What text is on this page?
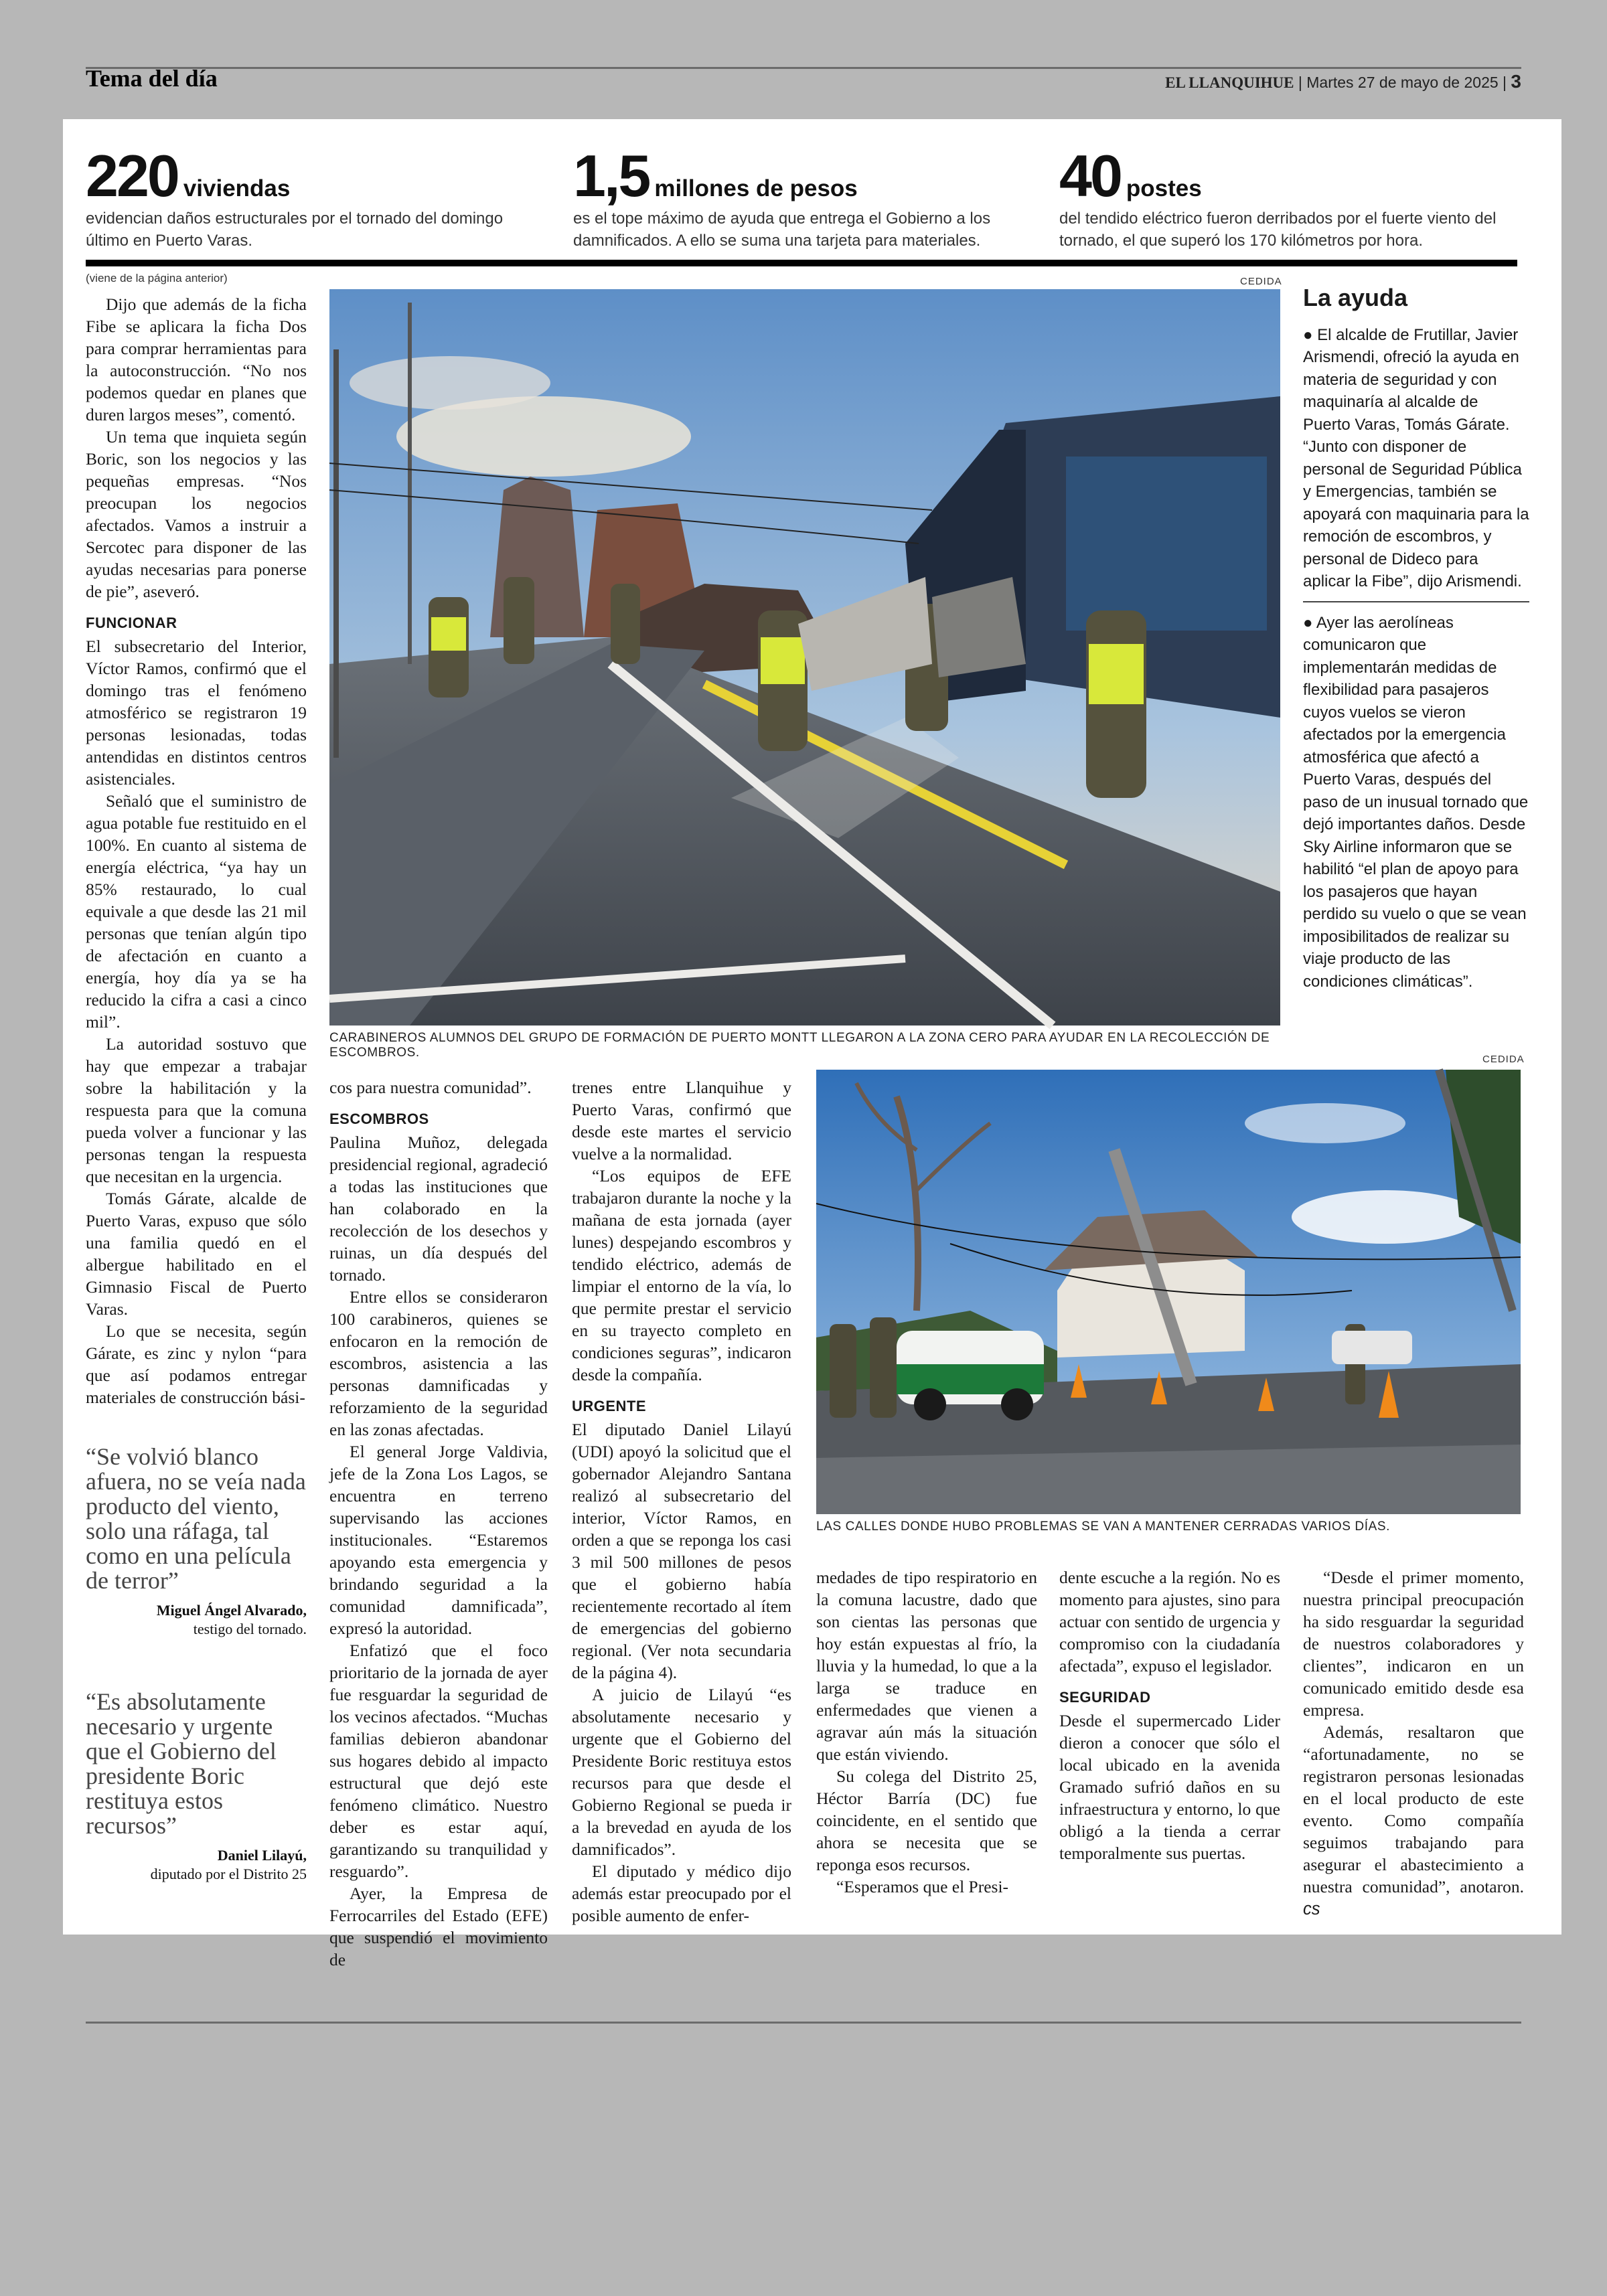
Tema del día	EL LLANQUIHUE | Martes 27 de mayo de 2025 | 3
220 viviendas
evidencian daños estructurales por el tornado del domingo último en Puerto Varas.
1,5 millones de pesos
es el tope máximo de ayuda que entrega el Gobierno a los damnificados. A ello se suma una tarjeta para materiales.
40 postes
del tendido eléctrico fueron derribados por el fuerte viento del tornado, el que superó los 170 kilómetros por hora.
(viene de la página anterior)	CEDIDA

Dijo que además de la ficha Fibe se aplicara la ficha Dos para comprar herramientas para la autoconstrucción. “No nos podemos quedar en planes que duren largos meses”, comentó.

Un tema que inquieta según Boric, son los negocios y las pequeñas empresas. “Nos preocupan los negocios afectados. Vamos a instruir a Sercotec para disponer de las ayudas necesarias para ponerse de pie”, aseveró.

FUNCIONAR

El subsecretario del Interior, Víctor Ramos, confirmó que el domingo tras el fenómeno atmosférico se registraron 19 personas lesionadas, todas antendidas en distintos centros asistenciales.

Señaló que el suministro de agua potable fue restituido en el 100%. En cuanto al sistema de energía eléctrica, “ya hay un 85% restaurado, lo cual equivale a que desde las 21 mil personas que tenían algún tipo de afectación en cuanto a energía, hoy día ya se ha reducido la cifra a casi a cinco mil”.

La autoridad sostuvo que hay que empezar a trabajar sobre la habilitación y la respuesta para que la comuna pueda volver a funcionar y las personas tengan la respuesta que necesitan en la urgencia.

Tomás Gárate, alcalde de Puerto Varas, expuso que sólo una familia quedó en el albergue habilitado en el Gimnasio Fiscal de Puerto Varas.

Lo que se necesita, según Gárate, es zinc y nylon “para que así podamos entregar materiales de construcción bási-

“Se volvió blanco afuera, no se veía nada producto del viento, solo una ráfaga, tal como en una película de terror”
Miguel Ángel Alvarado,
testigo del tornado.
“Es absolutamente necesario y urgente que el Gobierno del presidente Boric restituya estos recursos”
Daniel Lilayú,
diputado por el Distrito 25
CARABINEROS ALUMNOS DEL GRUPO DE FORMACIÓN DE PUERTO MONTT LLEGARON A LA ZONA CERO PARA AYUDAR EN LA RECOLECCIÓN DE ESCOMBROS.
La ayuda

● El alcalde de Frutillar, Javier Arismendi, ofreció la ayuda en materia de seguridad y con maquinaría al alcalde de Puerto Varas, Tomás Gárate. “Junto con disponer de personal de Seguridad Pública y Emergencias, también se apoyará con maquinaria para la remoción de escombros, y personal de Dideco para aplicar la Fibe”, dijo Arismendi.

● Ayer las aerolíneas comunicaron que implementarán medidas de flexibilidad para pasajeros cuyos vuelos se vieron afectados por la emergencia atmosférica que afectó a Puerto Varas, después del paso de un inusual tornado que dejó importantes daños. Desde Sky Airline informaron que se habilitó “el plan de apoyo para los pasajeros que hayan perdido su vuelo o que se vean imposibilitados de realizar su viaje producto de las condiciones climáticas”.

cos para nuestra comunidad”.

ESCOMBROS

Paulina Muñoz, delegada presidencial regional, agradeció a todas las instituciones que han colaborado en la recolección de los desechos y ruinas, un día después del tornado.

Entre ellos se consideraron 100 carabineros, quienes se enfocaron en la remoción de escombros, asistencia a las personas damnificadas y reforzamiento de la seguridad en las zonas afectadas.

El general Jorge Valdivia, jefe de la Zona Los Lagos, se encuentra en terreno supervisando las acciones institucionales. “Estaremos apoyando esta emergencia y brindando seguridad a la comunidad damnificada”, expresó la autoridad.

Enfatizó que el foco prioritario de la jornada de ayer fue resguardar la seguridad de los vecinos afectados. “Muchas familias debieron abandonar sus hogares debido al impacto estructural que dejó este fenómeno climático. Nuestro deber es estar aquí, garantizando su tranquilidad y resguardo”.

Ayer, la Empresa de Ferrocarriles del Estado (EFE) que suspendió el movimiento de

trenes entre Llanquihue y Puerto Varas, confirmó que desde este martes el servicio vuelve a la normalidad.

“Los equipos de EFE trabajaron durante la noche y la mañana de esta jornada (ayer lunes) despejando escombros y tendido eléctrico, además de limpiar el entorno de la vía, lo que permite prestar el servicio en su trayecto completo en condiciones seguras”, indicaron desde la compañía.

URGENTE

El diputado Daniel Lilayú (UDI) apoyó la solicitud que el gobernador Alejandro Santana realizó al subsecretario del interior, Víctor Ramos, en orden a que se reponga los casi 3 mil 500 millones de pesos que el gobierno había recientemente recortado al ítem de emergencias del gobierno regional. (Ver nota secundaria de la página 4).

A juicio de Lilayú “es absolutamente necesario y urgente que el Gobierno del Presidente Boric restituya estos recursos para que desde el Gobierno Regional se pueda ir a la brevedad en ayuda de los damnificados”.

El diputado y médico dijo además estar preocupado por el posible aumento de enfer-

CEDIDA
LAS CALLES DONDE HUBO PROBLEMAS SE VAN A MANTENER CERRADAS VARIOS DÍAS.

medades de tipo respiratorio en la comuna lacustre, dado que son cientas las personas que hoy están expuestas al frío, la lluvia y la humedad, lo que a la larga se traduce en enfermedades que vienen a agravar aún más la situación que están viviendo.

Su colega del Distrito 25, Héctor Barría (DC) fue coincidente, en el sentido que ahora se necesita que se reponga esos recursos.

“Esperamos que el Presi-

dente escuche a la región. No es momento para ajustes, sino para actuar con sentido de urgencia y compromiso con la ciudadanía afectada”, expuso el legislador.

SEGURIDAD

Desde el supermercado Lider dieron a conocer que sólo el local ubicado en la avenida Gramado sufrió daños en su infraestructura y entorno, lo que obligó a la tienda a cerrar temporalmente sus puertas.

“Desde el primer momento, nuestra principal preocupación ha sido resguardar la seguridad de nuestros colaboradores y clientes”, indicaron en un comunicado emitido desde esa empresa.

Además, resaltaron que “afortunadamente, no se registraron personas lesionadas en el local producto de este evento. Como compañía seguimos trabajando para asegurar el abastecimiento a nuestra comunidad”, anotaron. cs
